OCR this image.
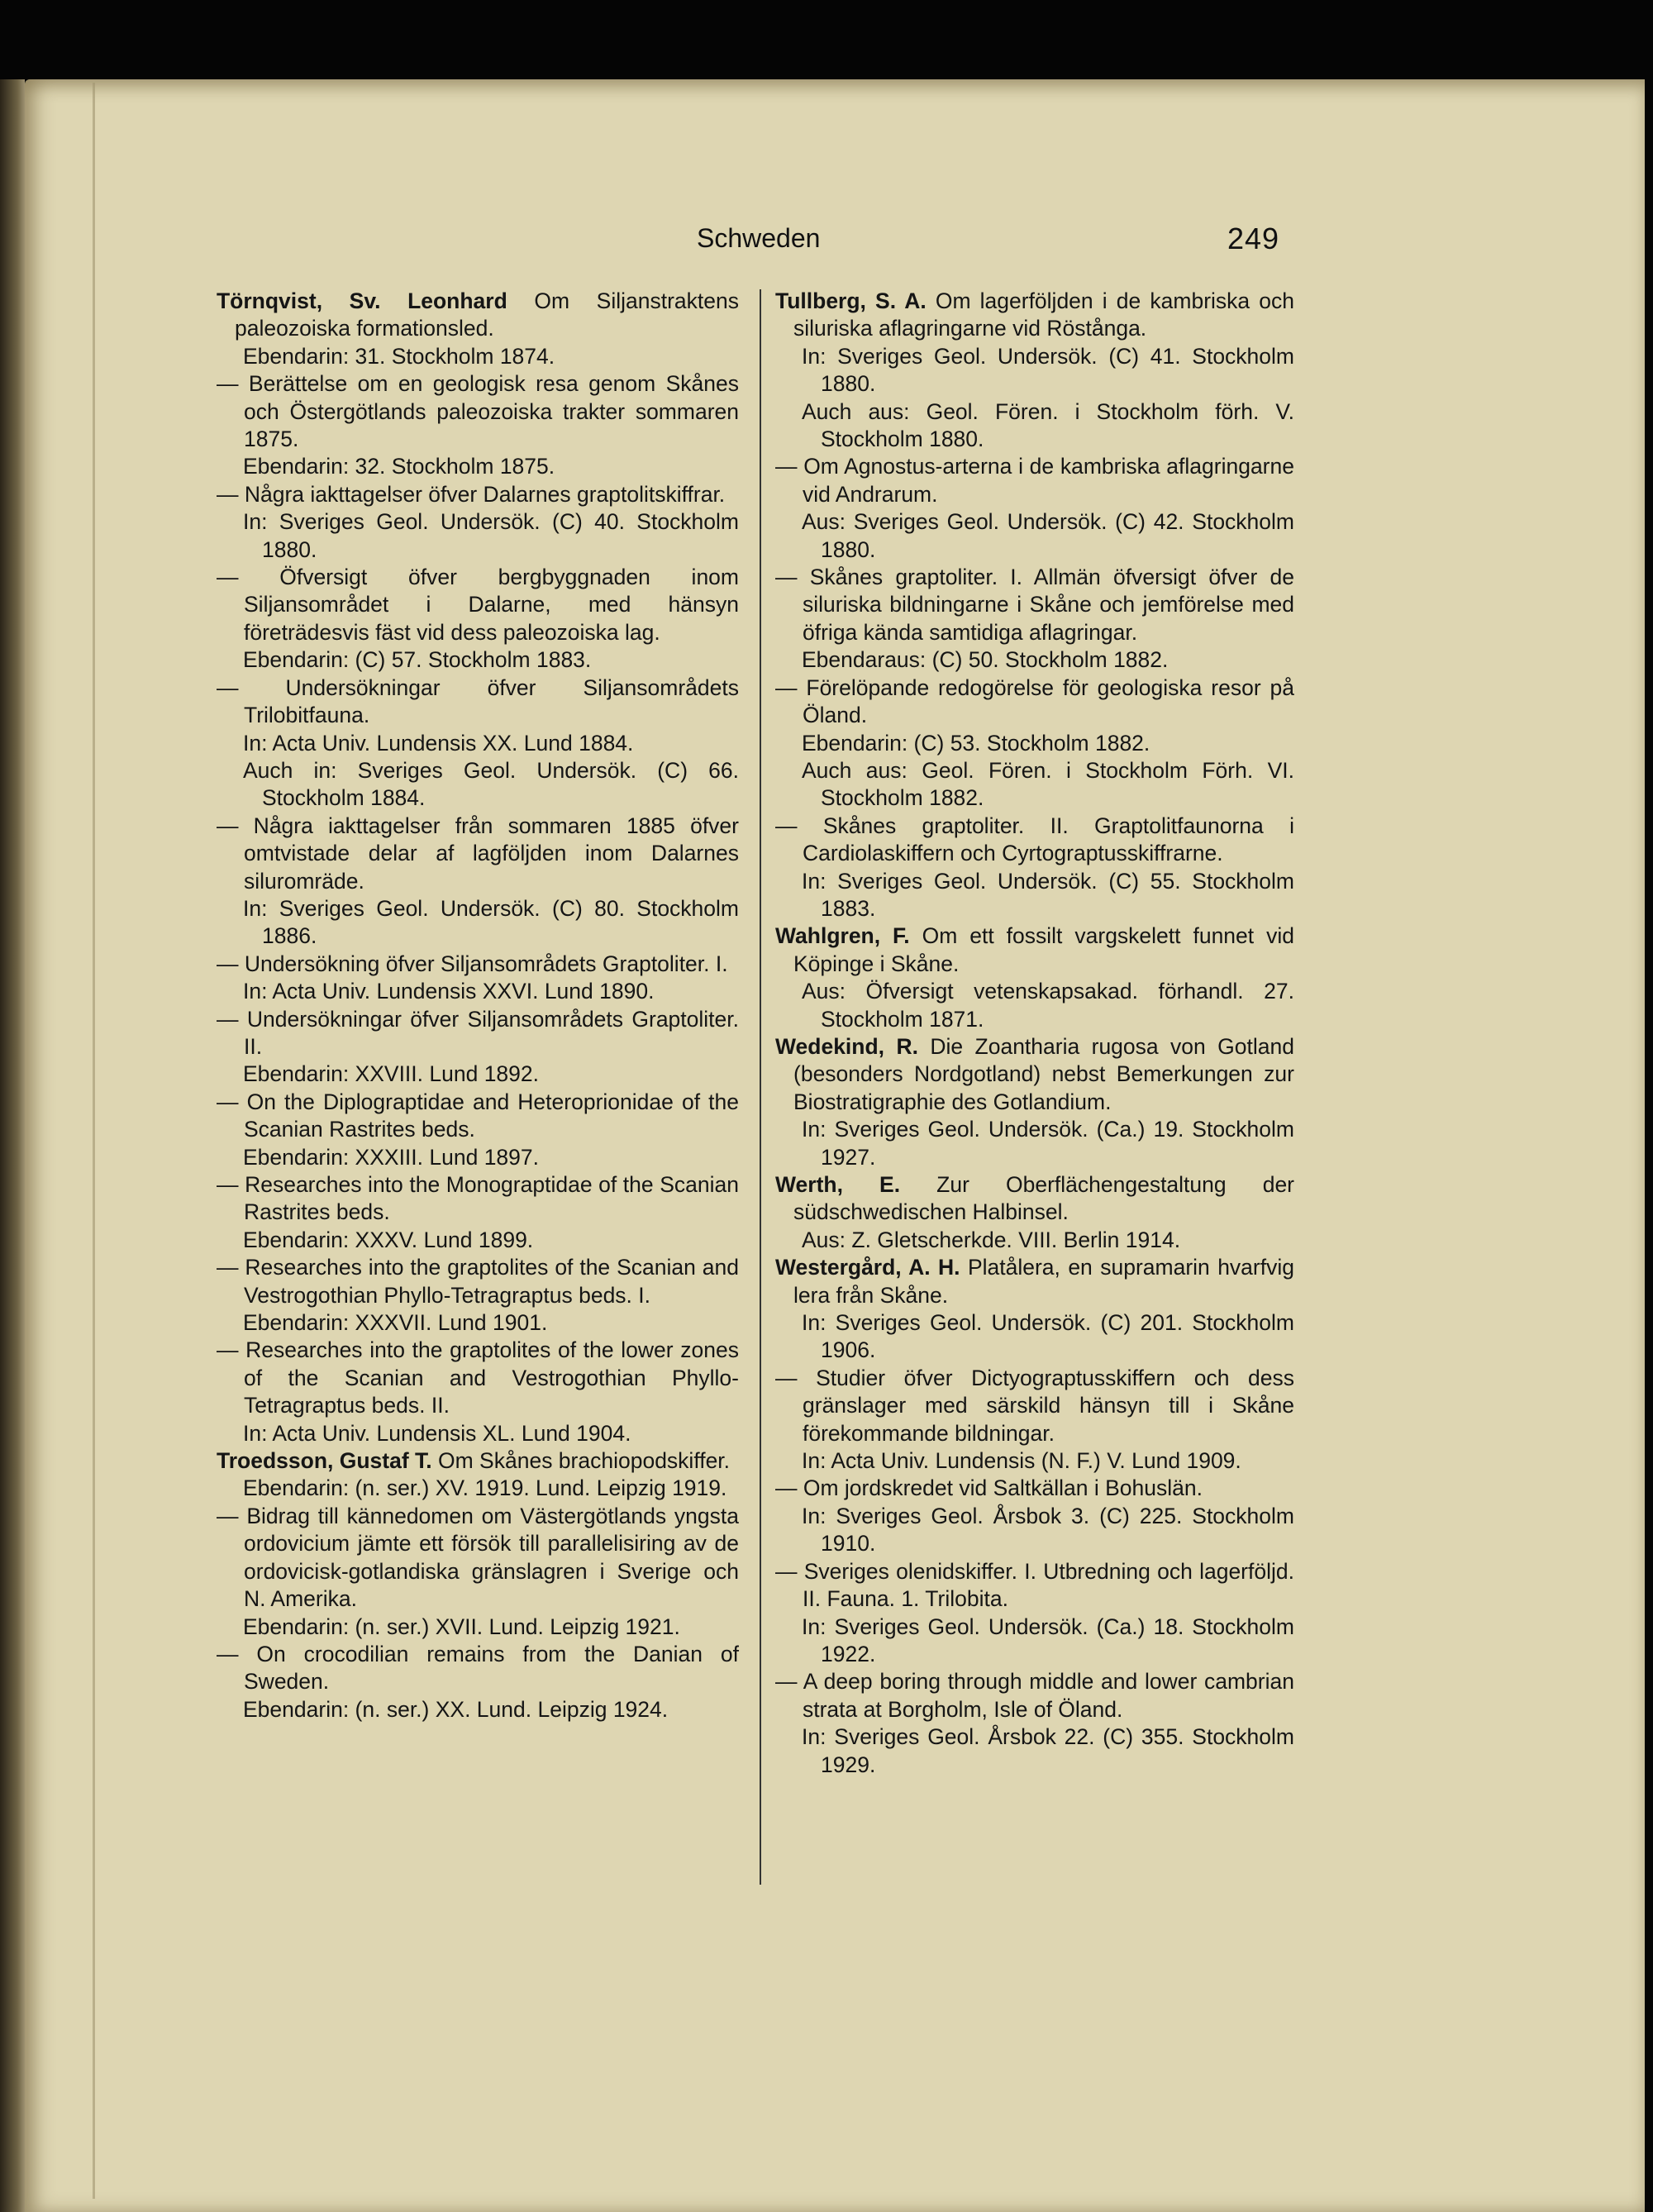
Schweden	249

Törnqvist, Sv. Leonhard Om Siljanstraktens paleozoiska formationsled.

Ebendarin: 31. Stockholm 1874.

— Berättelse om en geologisk resa genom Skånes och Östergötlands paleozoiska trakter sommaren 1875.

Ebendarin: 32. Stockholm 1875.

— Några iakttagelser öfver Dalarnes graptolitskiffrar.

In: Sveriges Geol. Undersök. (C) 40. Stockholm 1880.

— Öfversigt öfver bergbyggnaden inom Siljansområdet i Dalarne, med hänsyn företrädesvis fäst vid dess paleozoiska lag.

Ebendarin: (C) 57. Stockholm 1883.

— Undersökningar öfver Siljansområdets Trilobitfauna.

In: Acta Univ. Lundensis XX. Lund 1884.

Auch in: Sveriges Geol. Undersök. (C) 66. Stockholm 1884.

— Några iakttagelser från sommaren 1885 öfver omtvistade delar af lagföljden inom Dalarnes siluromräde.

In: Sveriges Geol. Undersök. (C) 80. Stockholm 1886.

— Undersökning öfver Siljansområdets Graptoliter. I.

In: Acta Univ. Lundensis XXVI. Lund 1890.

— Undersökningar öfver Siljansområdets Graptoliter. II.

Ebendarin: XXVIII. Lund 1892.

— On the Diplograptidae and Heteroprionidae of the Scanian Rastrites beds.

Ebendarin: XXXIII. Lund 1897.

— Researches into the Monograptidae of the Scanian Rastrites beds.

Ebendarin: XXXV. Lund 1899.

— Researches into the graptolites of the Scanian and Vestrogothian Phyllo-Tetragraptus beds. I.

Ebendarin: XXXVII. Lund 1901.

— Researches into the graptolites of the lower zones of the Scanian and Vestrogothian Phyllo-Tetragraptus beds. II.

In: Acta Univ. Lundensis XL. Lund 1904.

Troedsson, Gustaf T. Om Skånes brachiopodskiffer.

Ebendarin: (n. ser.) XV. 1919. Lund. Leipzig 1919.

— Bidrag till kännedomen om Västergötlands yngsta ordovicium jämte ett försök till parallelisiring av de ordovicisk-gotlandiska gränslagren i Sverige och N. Amerika.

Ebendarin: (n. ser.) XVII. Lund. Leipzig 1921.

— On crocodilian remains from the Danian of Sweden.

Ebendarin: (n. ser.) XX. Lund. Leipzig 1924.

Tullberg, S. A. Om lagerföljden i de kambriska och siluriska aflagringarne vid Röstånga.

In: Sveriges Geol. Undersök. (C) 41. Stockholm 1880.

Auch aus: Geol. Fören. i Stockholm förh. V. Stockholm 1880.

— Om Agnostus-arterna i de kambriska aflagringarne vid Andrarum.

Aus: Sveriges Geol. Undersök. (C) 42. Stockholm 1880.

— Skånes graptoliter. I. Allmän öfversigt öfver de siluriska bildningarne i Skåne och jemförelse med öfriga kända samtidiga aflagringar.

Ebendaraus: (C) 50. Stockholm 1882.

— Förelöpande redogörelse för geologiska resor på Öland.

Ebendarin: (C) 53. Stockholm 1882.

Auch aus: Geol. Fören. i Stockholm Förh. VI. Stockholm 1882.

— Skånes graptoliter. II. Graptolitfaunorna i Cardiolaskiffern och Cyrtograptusskiffrarne.

In: Sveriges Geol. Undersök. (C) 55. Stockholm 1883.

Wahlgren, F. Om ett fossilt vargskelett funnet vid Köpinge i Skåne.

Aus: Öfversigt vetenskapsakad. förhandl. 27. Stockholm 1871.

Wedekind, R. Die Zoantharia rugosa von Gotland (besonders Nordgotland) nebst Bemerkungen zur Biostratigraphie des Gotlandium.

In: Sveriges Geol. Undersök. (Ca.) 19. Stockholm 1927.

Werth, E. Zur Oberflächengestaltung der südschwedischen Halbinsel.

Aus: Z. Gletscherkde. VIII. Berlin 1914.

Westergård, A. H. Platålera, en supramarin hvarfvig lera från Skåne.

In: Sveriges Geol. Undersök. (C) 201. Stockholm 1906.

— Studier öfver Dictyograptusskiffern och dess gränslager med särskild hänsyn till i Skåne förekommande bildningar.

In: Acta Univ. Lundensis (N. F.) V. Lund 1909.

— Om jordskredet vid Saltkällan i Bohuslän.

In: Sveriges Geol. Årsbok 3. (C) 225. Stockholm 1910.

— Sveriges olenidskiffer. I. Utbredning och lagerföljd. II. Fauna. 1. Trilobita.

In: Sveriges Geol. Undersök. (Ca.) 18. Stockholm 1922.

— A deep boring through middle and lower cambrian strata at Borgholm, Isle of Öland.

In: Sveriges Geol. Årsbok 22. (C) 355. Stockholm 1929.
